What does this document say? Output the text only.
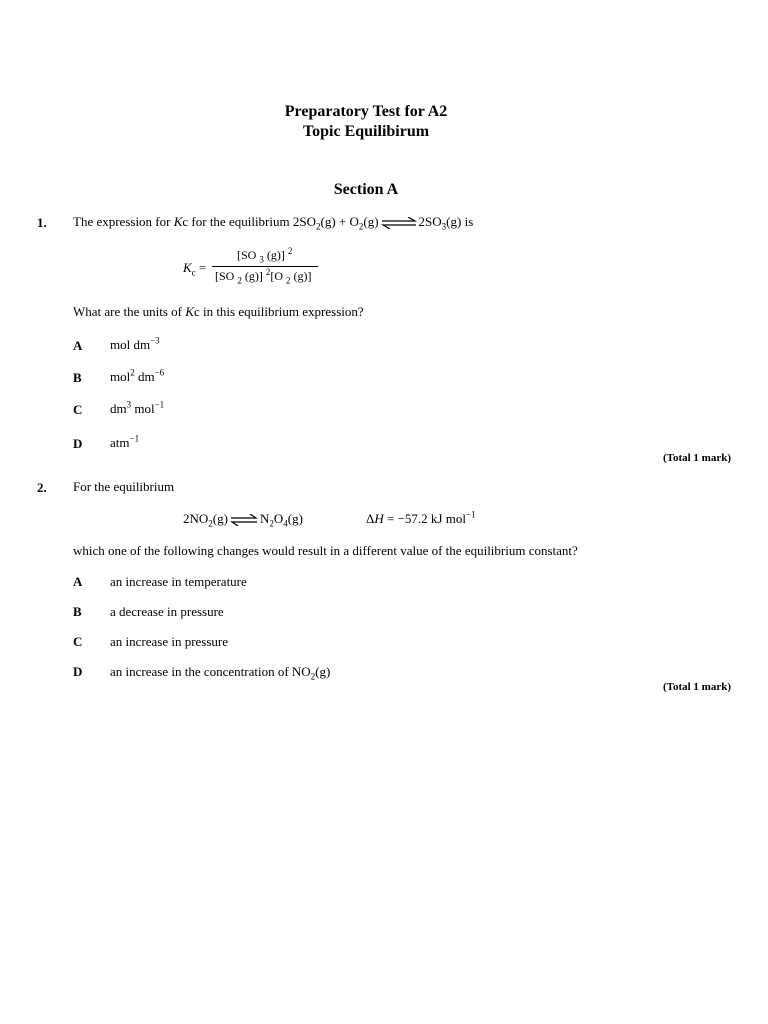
Preparatory Test for A2
Topic Equilibirum
Section A
1. The expression for Kc for the equilibrium $2SO_2(g) + O_2(g)$ ⇌ $2SO_3(g)$ is
$K_c$ =
[SO $_3$ (g)] $^2$
[SO $_2$ (g)] $^2$[O $_2$ (g)]
What are the units of Kc in this equilibrium expression?
A mol $dm^{-3}$
B mol$^2$ $dm^{-6}$
C $dm^3$ mol$^{-1}$
D atm$^{-1}$
(Total 1 mark)
2. For the equilibrium
$2NO_2(g)$ ⇌ $N_2O_4(g)$	ΔH = −57.2 kJ mol$^{-1}$
which one of the following changes would result in a different value of the equilibrium constant?
A an increase in temperature
B a decrease in pressure
C an increase in pressure
D an increase in the concentration of $NO_2(g)$
(Total 1 mark)
